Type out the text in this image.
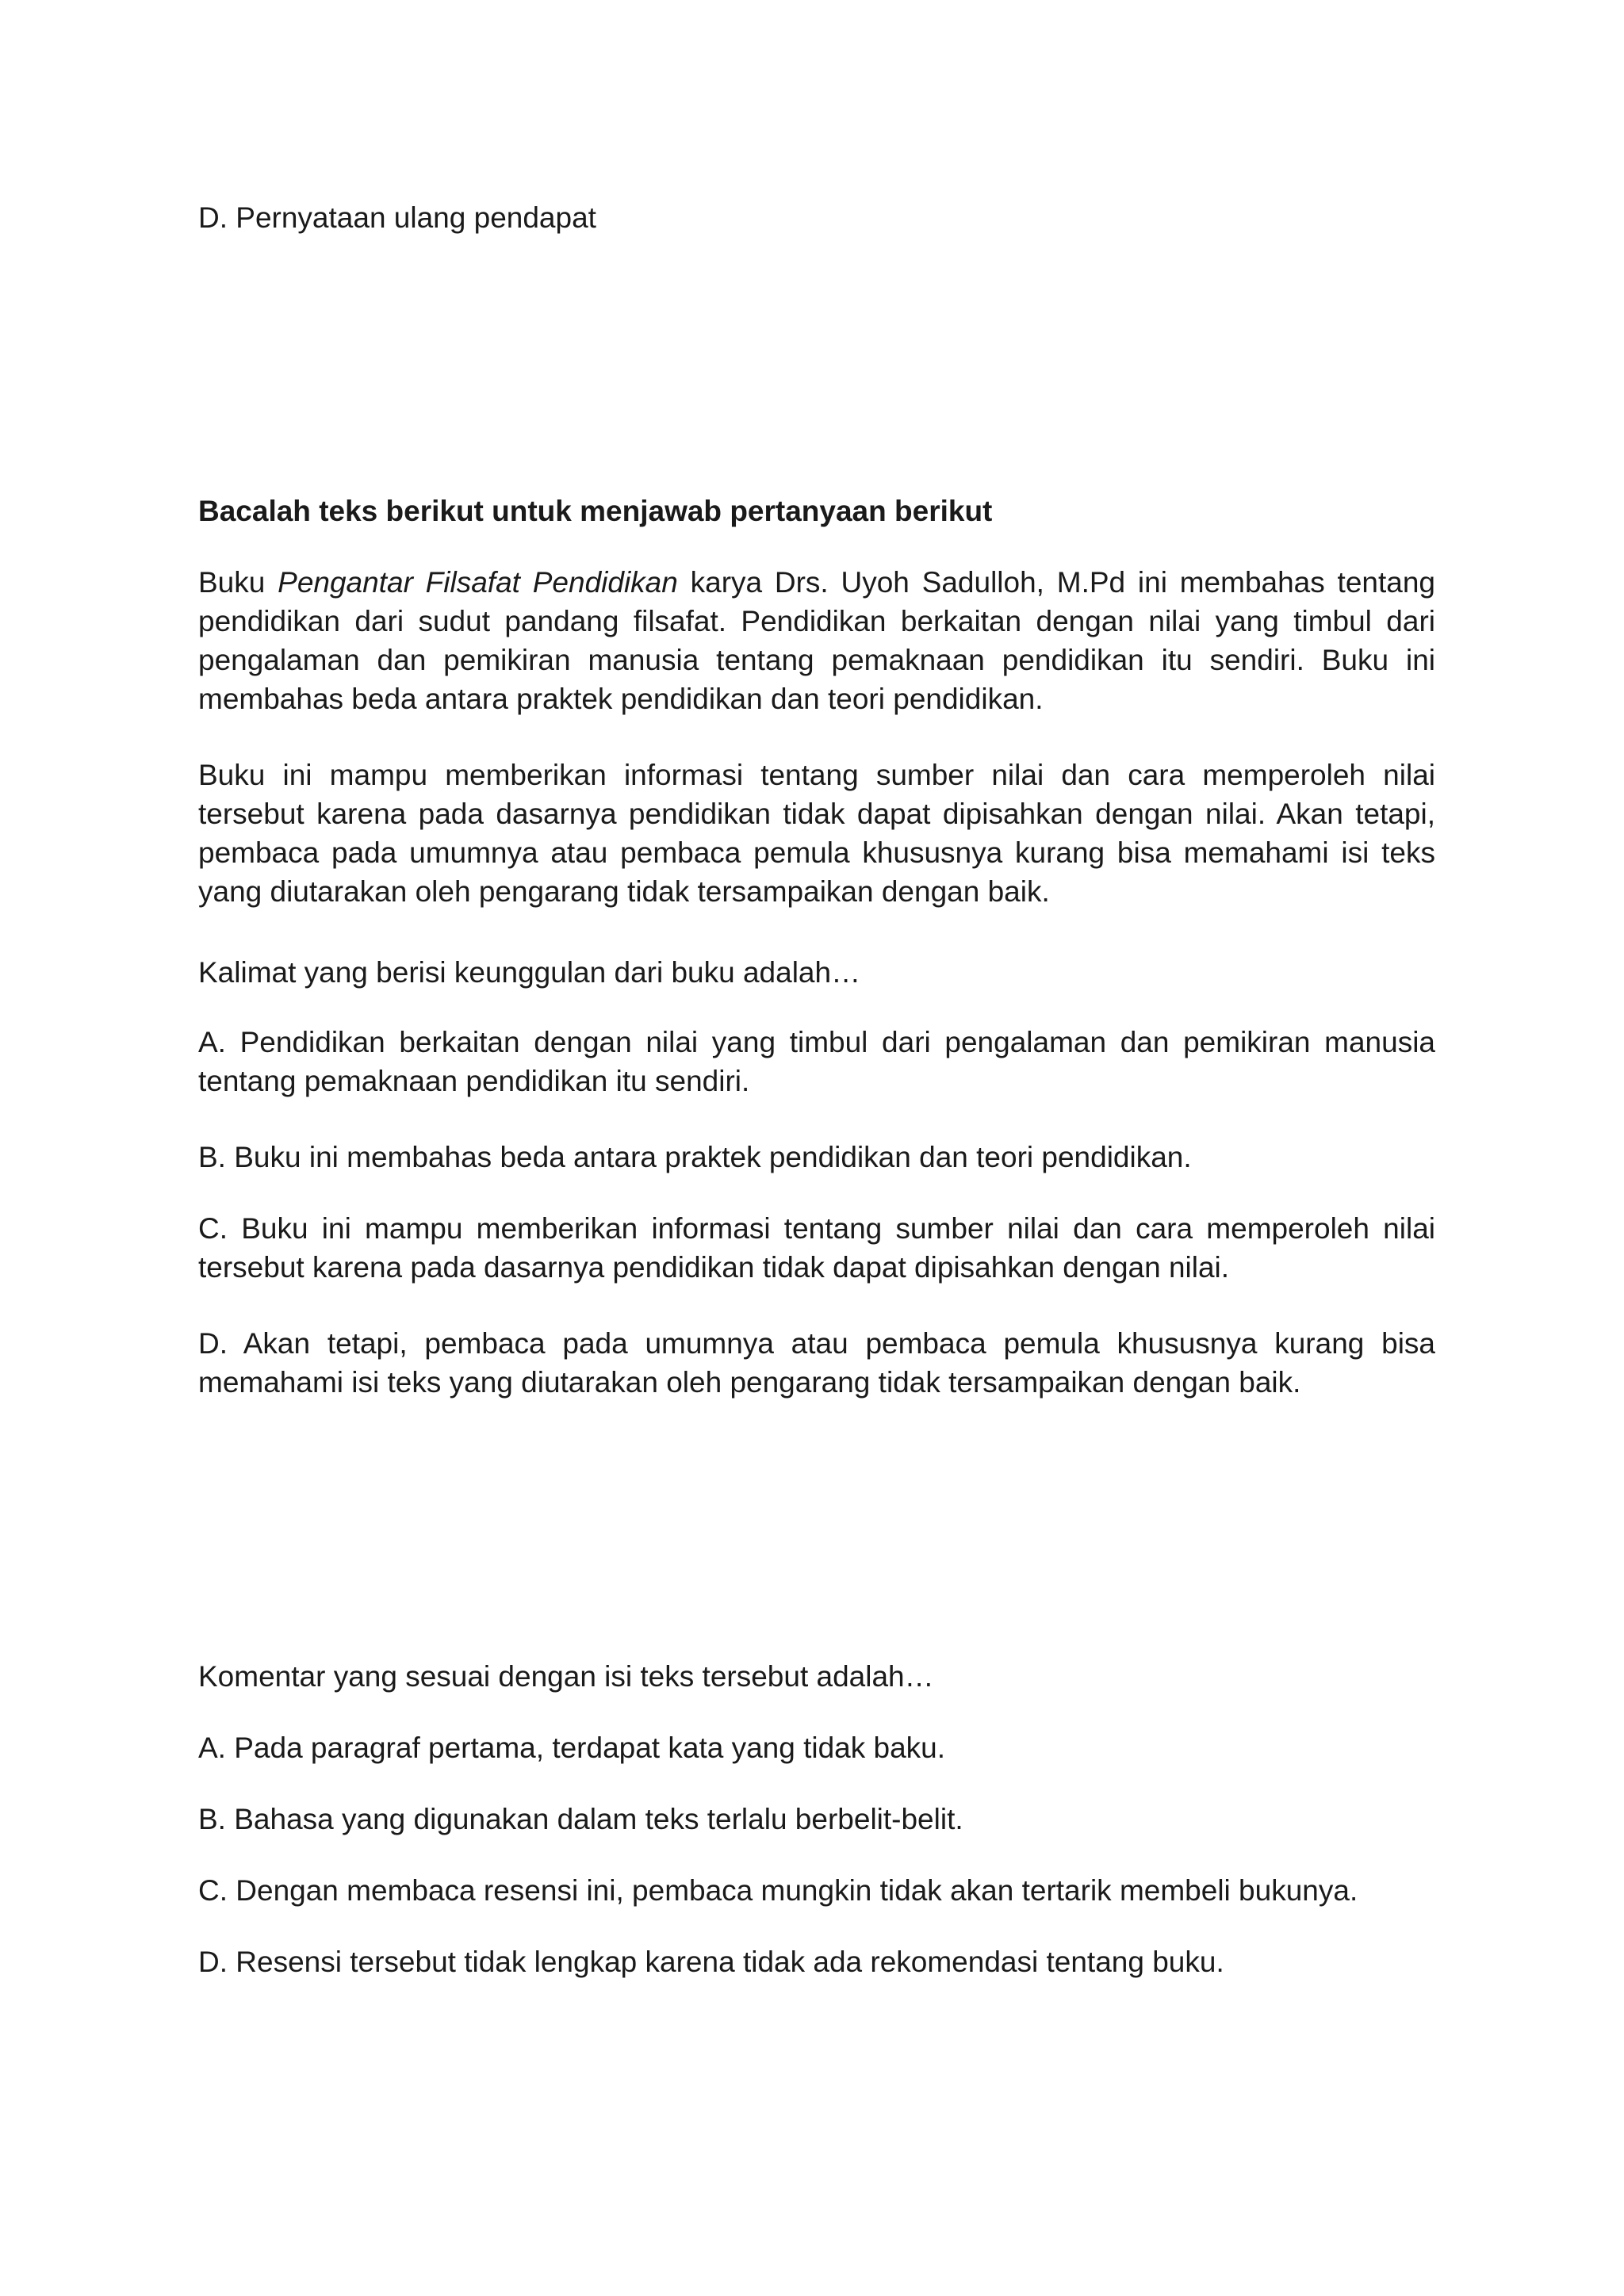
D. Pernyataan ulang pendapat

Bacalah teks berikut untuk menjawab pertanyaan berikut

Buku Pengantar Filsafat Pendidikan karya Drs. Uyoh Sadulloh, M.Pd ini membahas tentang pendidikan dari sudut pandang filsafat. Pendidikan berkaitan dengan nilai yang timbul dari pengalaman dan pemikiran manusia tentang pemaknaan pendidikan itu sendiri. Buku ini membahas beda antara praktek pendidikan dan teori pendidikan.

Buku ini mampu memberikan informasi tentang sumber nilai dan cara memperoleh nilai tersebut karena pada dasarnya pendidikan tidak dapat dipisahkan dengan nilai. Akan tetapi, pembaca pada umumnya atau pembaca pemula khususnya kurang bisa memahami isi teks yang diutarakan oleh pengarang tidak tersampaikan dengan baik.

Kalimat yang berisi keunggulan dari buku adalah…

A. Pendidikan berkaitan dengan nilai yang timbul dari pengalaman dan pemikiran manusia tentang pemaknaan pendidikan itu sendiri.

B. Buku ini membahas beda antara praktek pendidikan dan teori pendidikan.

C. Buku ini mampu memberikan informasi tentang sumber nilai dan cara memperoleh nilai tersebut karena pada dasarnya pendidikan tidak dapat dipisahkan dengan nilai.

D. Akan tetapi, pembaca pada umumnya atau pembaca pemula khususnya kurang bisa memahami isi teks yang diutarakan oleh pengarang tidak tersampaikan dengan baik.

Komentar yang sesuai dengan isi teks tersebut adalah…

A. Pada paragraf pertama, terdapat kata yang tidak baku.

B. Bahasa yang digunakan dalam teks terlalu berbelit-belit.

C. Dengan membaca resensi ini, pembaca mungkin tidak akan tertarik membeli bukunya.

D. Resensi tersebut tidak lengkap karena tidak ada rekomendasi tentang buku.
